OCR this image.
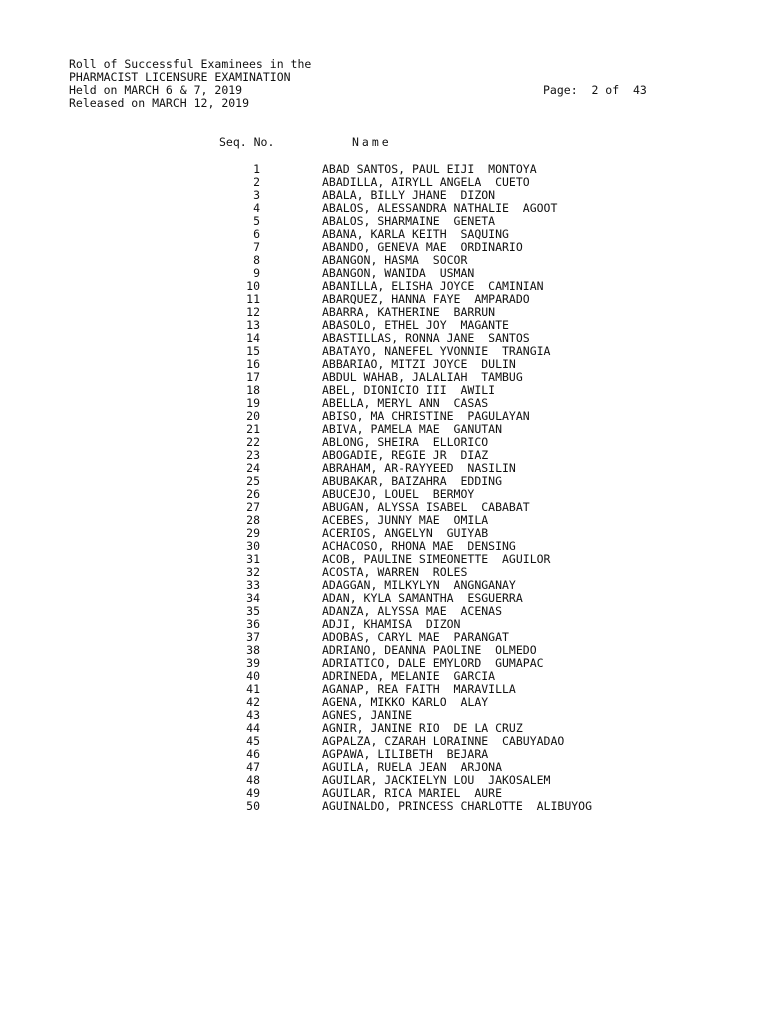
Roll of Successful Examinees in the
PHARMACIST LICENSURE EXAMINATION
Held on MARCH 6 & 7, 2019
Released on MARCH 12, 2019
Page:  2 of  43
Seq. No.	Name
1	ABAD SANTOS, PAUL EIJI  MONTOYA
2	ABADILLA, AIRYLL ANGELA  CUETO
3	ABALA, BILLY JHANE  DIZON
4	ABALOS, ALESSANDRA NATHALIE  AGOOT
5	ABALOS, SHARMAINE  GENETA
6	ABANA, KARLA KEITH  SAQUING
7	ABANDO, GENEVA MAE  ORDINARIO
8	ABANGON, HASMA  SOCOR
9	ABANGON, WANIDA  USMAN
10	ABANILLA, ELISHA JOYCE  CAMINIAN
11	ABARQUEZ, HANNA FAYE  AMPARADO
12	ABARRA, KATHERINE  BARRUN
13	ABASOLO, ETHEL JOY  MAGANTE
14	ABASTILLAS, RONNA JANE  SANTOS
15	ABATAYO, NANEFEL YVONNIE  TRANGIA
16	ABBARIAO, MITZI JOYCE  DULIN
17	ABDUL WAHAB, JALALIAH  TAMBUG
18	ABEL, DIONICIO III  AWILI
19	ABELLA, MERYL ANN  CASAS
20	ABISO, MA CHRISTINE  PAGULAYAN
21	ABIVA, PAMELA MAE  GANUTAN
22	ABLONG, SHEIRA  ELLORICO
23	ABOGADIE, REGIE JR  DIAZ
24	ABRAHAM, AR-RAYYEED  NASILIN
25	ABUBAKAR, BAIZAHRA  EDDING
26	ABUCEJO, LOUEL  BERMOY
27	ABUGAN, ALYSSA ISABEL  CABABAT
28	ACEBES, JUNNY MAE  OMILA
29	ACERIOS, ANGELYN  GUIYAB
30	ACHACOSO, RHONA MAE  DENSING
31	ACOB, PAULINE SIMEONETTE  AGUILOR
32	ACOSTA, WARREN  ROLES
33	ADAGGAN, MILKYLYN  ANGNGANAY
34	ADAN, KYLA SAMANTHA  ESGUERRA
35	ADANZA, ALYSSA MAE  ACENAS
36	ADJI, KHAMISA  DIZON
37	ADOBAS, CARYL MAE  PARANGAT
38	ADRIANO, DEANNA PAOLINE  OLMEDO
39	ADRIATICO, DALE EMYLORD  GUMAPAC
40	ADRINEDA, MELANIE  GARCIA
41	AGANAP, REA FAITH  MARAVILLA
42	AGENA, MIKKO KARLO  ALAY
43	AGNES, JANINE
44	AGNIR, JANINE RIO  DE LA CRUZ
45	AGPALZA, CZARAH LORAINNE  CABUYADAO
46	AGPAWA, LILIBETH  BEJARA
47	AGUILA, RUELA JEAN  ARJONA
48	AGUILAR, JACKIELYN LOU  JAKOSALEM
49	AGUILAR, RICA MARIEL  AURE
50	AGUINALDO, PRINCESS CHARLOTTE  ALIBUYOG
